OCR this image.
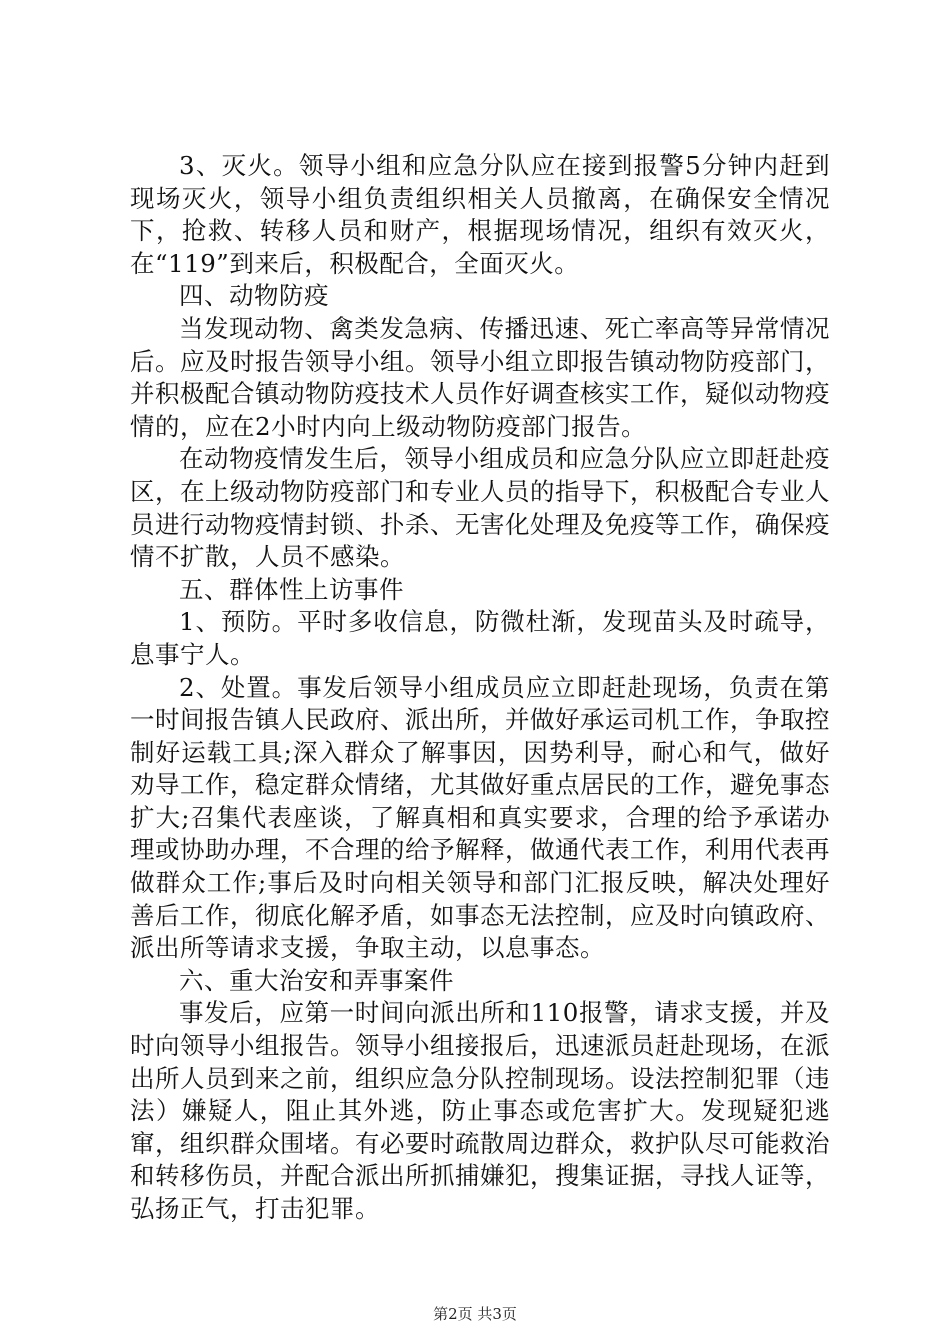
3、灭火。领导小组和应急分队应在接到报警5分钟内赶到现场灭火，领导小组负责组织相关人员撤离，在确保安全情况下，抢救、转移人员和财产，根据现场情况，组织有效灭火，在“119”到来后，积极配合，全面灭火。

四、动物防疫

当发现动物、禽类发急病、传播迅速、死亡率高等异常情况后。应及时报告领导小组。领导小组立即报告镇动物防疫部门，并积极配合镇动物防疫技术人员作好调查核实工作，疑似动物疫情的，应在2小时内向上级动物防疫部门报告。

在动物疫情发生后，领导小组成员和应急分队应立即赶赴疫区，在上级动物防疫部门和专业人员的指导下，积极配合专业人员进行动物疫情封锁、扑杀、无害化处理及免疫等工作，确保疫情不扩散，人员不感染。

五、群体性上访事件

1、预防。平时多收信息，防微杜渐，发现苗头及时疏导，息事宁人。

2、处置。事发后领导小组成员应立即赶赴现场，负责在第一时间报告镇人民政府、派出所，并做好承运司机工作，争取控制好运载工具;深入群众了解事因，因势利导，耐心和气，做好劝导工作，稳定群众情绪，尤其做好重点居民的工作，避免事态扩大;召集代表座谈，了解真相和真实要求，合理的给予承诺办理或协助办理，不合理的给予解释，做通代表工作，利用代表再做群众工作;事后及时向相关领导和部门汇报反映，解决处理好善后工作，彻底化解矛盾，如事态无法控制，应及时向镇政府、派出所等请求支援，争取主动，以息事态。

六、重大治安和弄事案件

事发后，应第一时间向派出所和110报警，请求支援，并及时向领导小组报告。领导小组接报后，迅速派员赶赴现场，在派出所人员到来之前，组织应急分队控制现场。设法控制犯罪（违法）嫌疑人，阻止其外逃，防止事态或危害扩大。发现疑犯逃窜，组织群众围堵。有必要时疏散周边群众，救护队尽可能救治和转移伤员，并配合派出所抓捕嫌犯，搜集证据，寻找人证等，弘扬正气，打击犯罪。

第2页 共3页
